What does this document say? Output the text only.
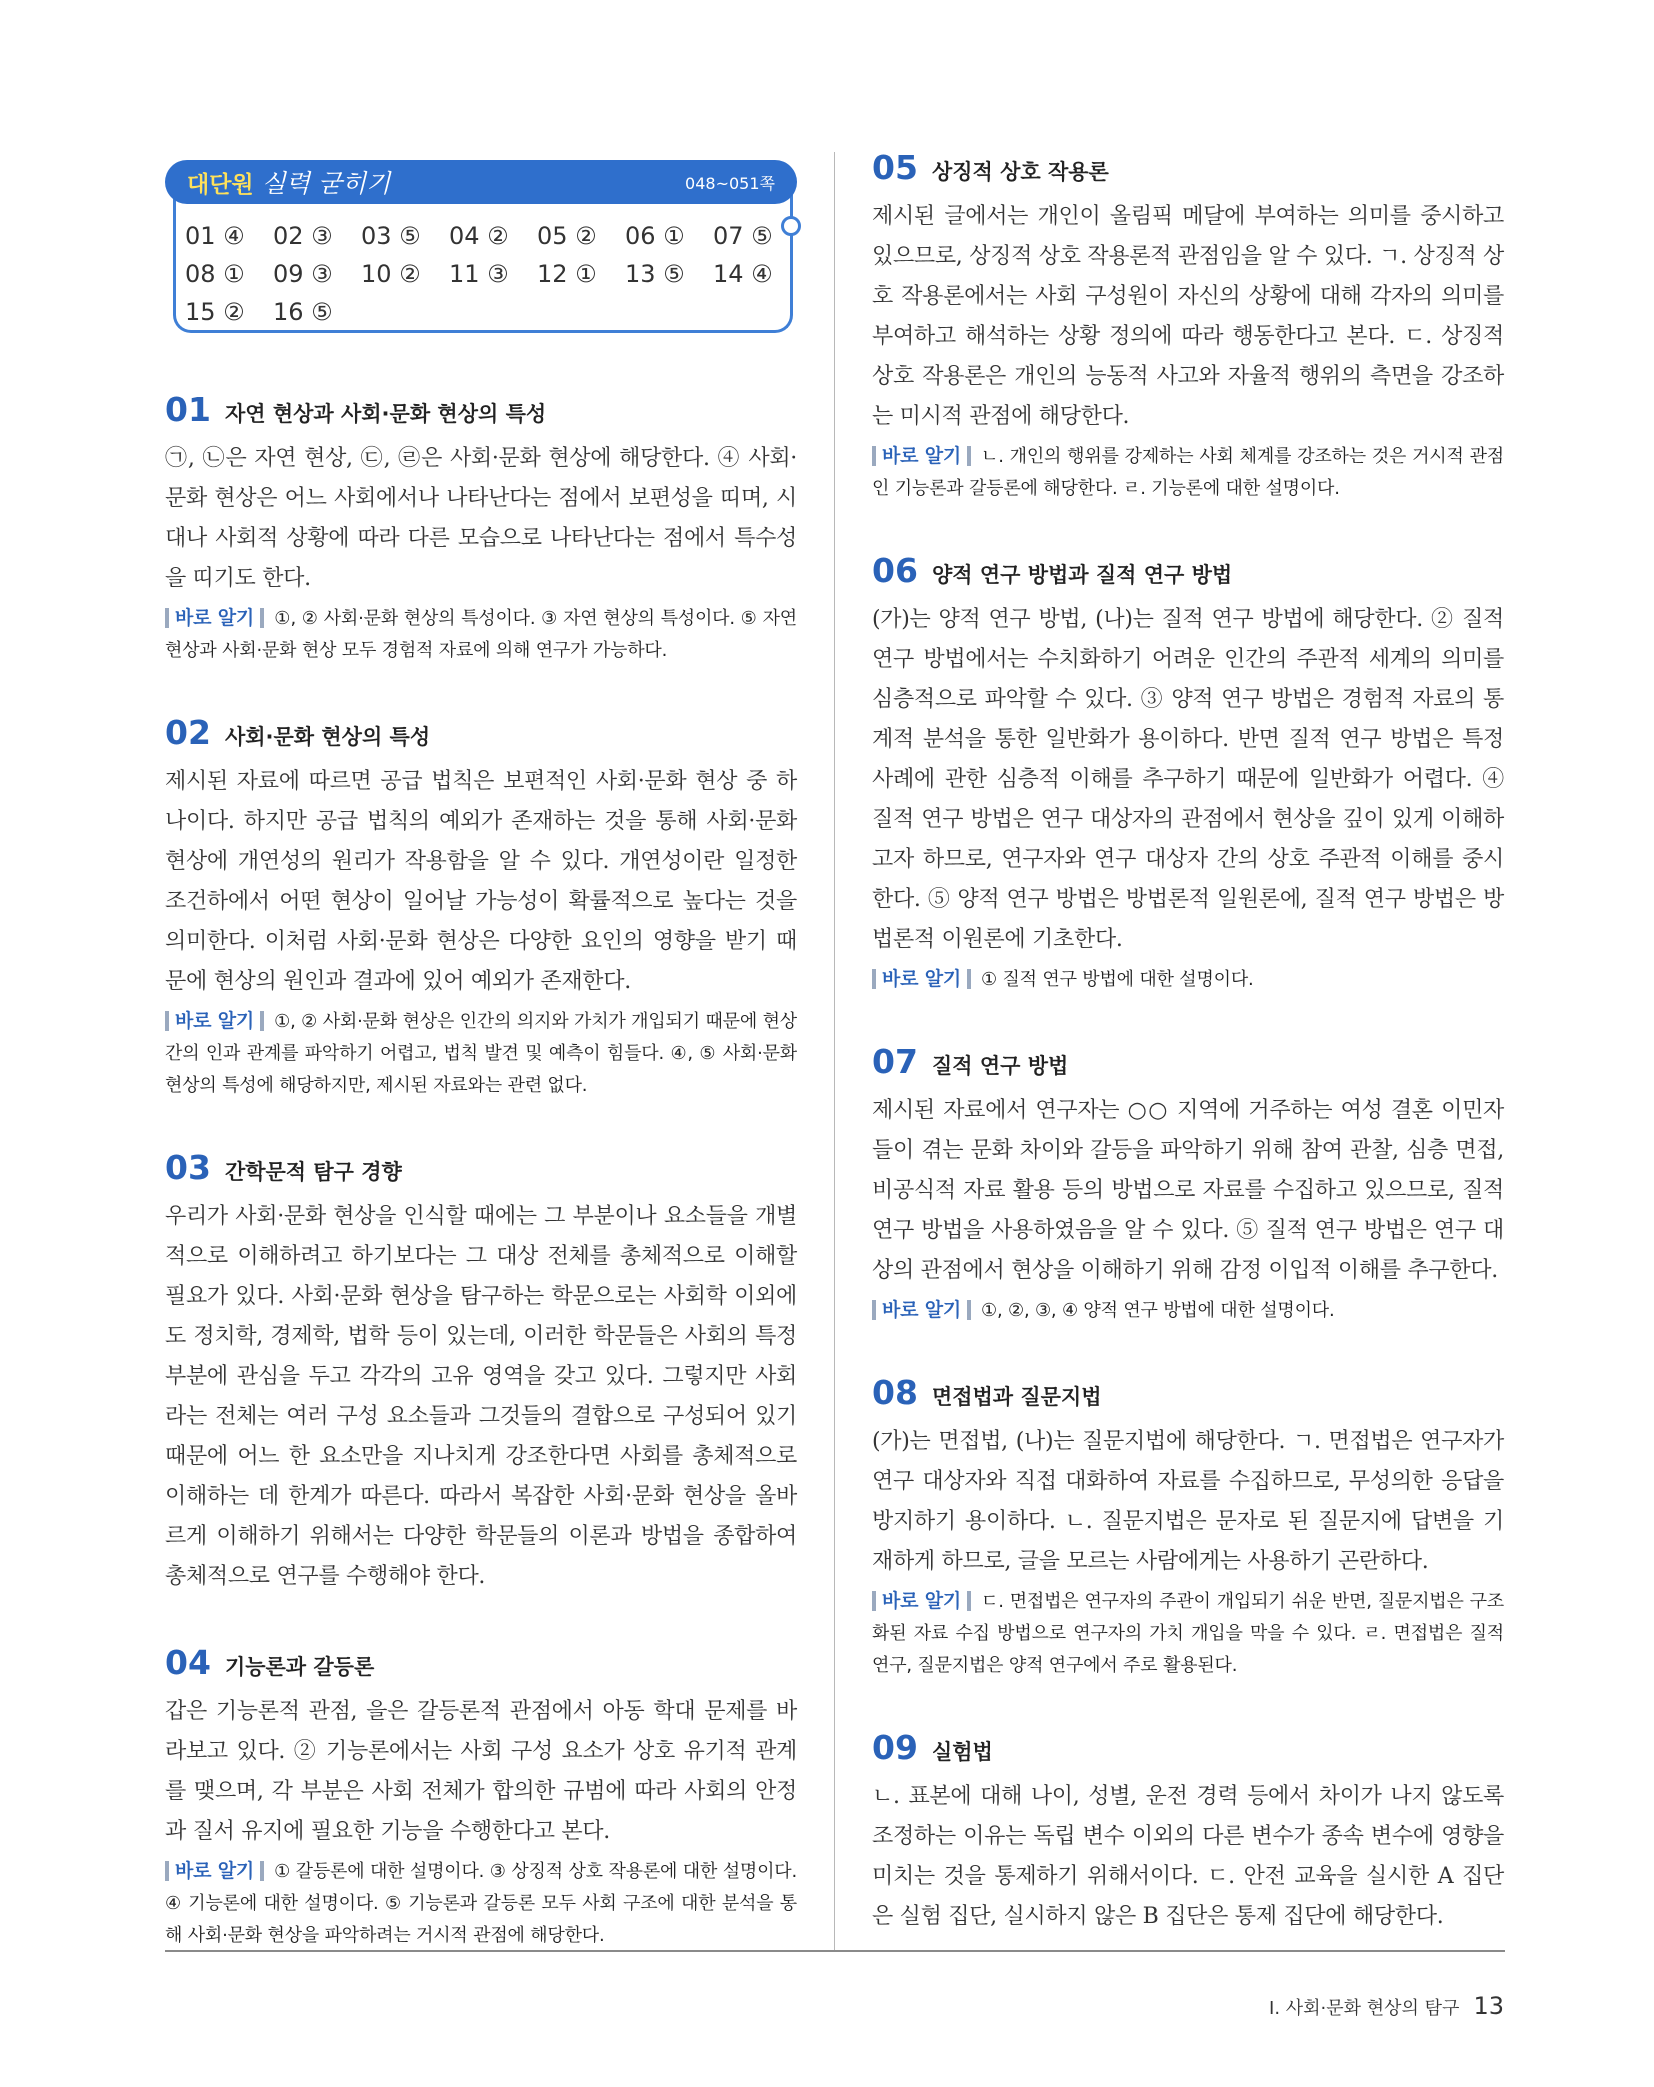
대단원 실력 굳히기	048~051쪽
01 ④	02 ③	03 ⑤	04 ②	05 ②	06 ①	07 ⑤
08 ①	09 ③	10 ②	11 ③	12 ①	13 ⑤	14 ④
15 ②	16 ⑤
01 자연 현상과 사회·문화 현상의 특성
㉠, ㉡은 자연 현상, ㉢, ㉣은 사회·문화 현상에 해당한다. ④ 사회·문화 현상은 어느 사회에서나 나타난다는 점에서 보편성을 띠며, 시대나 사회적 상황에 따라 다른 모습으로 나타난다는 점에서 특수성을 띠기도 한다.
바로 알기 ①, ② 사회·문화 현상의 특성이다. ③ 자연 현상의 특성이다. ⑤ 자연 현상과 사회·문화 현상 모두 경험적 자료에 의해 연구가 가능하다.
02 사회·문화 현상의 특성
제시된 자료에 따르면 공급 법칙은 보편적인 사회·문화 현상 중 하나이다. 하지만 공급 법칙의 예외가 존재하는 것을 통해 사회·문화 현상에 개연성의 원리가 작용함을 알 수 있다. 개연성이란 일정한 조건하에서 어떤 현상이 일어날 가능성이 확률적으로 높다는 것을 의미한다. 이처럼 사회·문화 현상은 다양한 요인의 영향을 받기 때문에 현상의 원인과 결과에 있어 예외가 존재한다.
바로 알기 ①, ② 사회·문화 현상은 인간의 의지와 가치가 개입되기 때문에 현상 간의 인과 관계를 파악하기 어렵고, 법칙 발견 및 예측이 힘들다. ④, ⑤ 사회·문화 현상의 특성에 해당하지만, 제시된 자료와는 관련 없다.
03 간학문적 탐구 경향
우리가 사회·문화 현상을 인식할 때에는 그 부분이나 요소들을 개별적으로 이해하려고 하기보다는 그 대상 전체를 총체적으로 이해할 필요가 있다. 사회·문화 현상을 탐구하는 학문으로는 사회학 이외에도 정치학, 경제학, 법학 등이 있는데, 이러한 학문들은 사회의 특정 부분에 관심을 두고 각각의 고유 영역을 갖고 있다. 그렇지만 사회라는 전체는 여러 구성 요소들과 그것들의 결합으로 구성되어 있기 때문에 어느 한 요소만을 지나치게 강조한다면 사회를 총체적으로 이해하는 데 한계가 따른다. 따라서 복잡한 사회·문화 현상을 올바르게 이해하기 위해서는 다양한 학문들의 이론과 방법을 종합하여 총체적으로 연구를 수행해야 한다.
04 기능론과 갈등론
갑은 기능론적 관점, 을은 갈등론적 관점에서 아동 학대 문제를 바라보고 있다. ② 기능론에서는 사회 구성 요소가 상호 유기적 관계를 맺으며, 각 부분은 사회 전체가 합의한 규범에 따라 사회의 안정과 질서 유지에 필요한 기능을 수행한다고 본다.
바로 알기 ① 갈등론에 대한 설명이다. ③ 상징적 상호 작용론에 대한 설명이다. ④ 기능론에 대한 설명이다. ⑤ 기능론과 갈등론 모두 사회 구조에 대한 분석을 통해 사회·문화 현상을 파악하려는 거시적 관점에 해당한다.
05 상징적 상호 작용론
제시된 글에서는 개인이 올림픽 메달에 부여하는 의미를 중시하고 있으므로, 상징적 상호 작용론적 관점임을 알 수 있다. ㄱ. 상징적 상호 작용론에서는 사회 구성원이 자신의 상황에 대해 각자의 의미를 부여하고 해석하는 상황 정의에 따라 행동한다고 본다. ㄷ. 상징적 상호 작용론은 개인의 능동적 사고와 자율적 행위의 측면을 강조하는 미시적 관점에 해당한다.
바로 알기 ㄴ. 개인의 행위를 강제하는 사회 체계를 강조하는 것은 거시적 관점인 기능론과 갈등론에 해당한다. ㄹ. 기능론에 대한 설명이다.
06 양적 연구 방법과 질적 연구 방법
(가)는 양적 연구 방법, (나)는 질적 연구 방법에 해당한다. ② 질적 연구 방법에서는 수치화하기 어려운 인간의 주관적 세계의 의미를 심층적으로 파악할 수 있다. ③ 양적 연구 방법은 경험적 자료의 통계적 분석을 통한 일반화가 용이하다. 반면 질적 연구 방법은 특정 사례에 관한 심층적 이해를 추구하기 때문에 일반화가 어렵다. ④ 질적 연구 방법은 연구 대상자의 관점에서 현상을 깊이 있게 이해하고자 하므로, 연구자와 연구 대상자 간의 상호 주관적 이해를 중시한다. ⑤ 양적 연구 방법은 방법론적 일원론에, 질적 연구 방법은 방법론적 이원론에 기초한다.
바로 알기 ① 질적 연구 방법에 대한 설명이다.
07 질적 연구 방법
제시된 자료에서 연구자는 ○○ 지역에 거주하는 여성 결혼 이민자들이 겪는 문화 차이와 갈등을 파악하기 위해 참여 관찰, 심층 면접, 비공식적 자료 활용 등의 방법으로 자료를 수집하고 있으므로, 질적 연구 방법을 사용하였음을 알 수 있다. ⑤ 질적 연구 방법은 연구 대상의 관점에서 현상을 이해하기 위해 감정 이입적 이해를 추구한다.
바로 알기 ①, ②, ③, ④ 양적 연구 방법에 대한 설명이다.
08 면접법과 질문지법
(가)는 면접법, (나)는 질문지법에 해당한다. ㄱ. 면접법은 연구자가 연구 대상자와 직접 대화하여 자료를 수집하므로, 무성의한 응답을 방지하기 용이하다. ㄴ. 질문지법은 문자로 된 질문지에 답변을 기재하게 하므로, 글을 모르는 사람에게는 사용하기 곤란하다.
바로 알기 ㄷ. 면접법은 연구자의 주관이 개입되기 쉬운 반면, 질문지법은 구조화된 자료 수집 방법으로 연구자의 가치 개입을 막을 수 있다. ㄹ. 면접법은 질적 연구, 질문지법은 양적 연구에서 주로 활용된다.
09 실험법
ㄴ. 표본에 대해 나이, 성별, 운전 경력 등에서 차이가 나지 않도록 조정하는 이유는 독립 변수 이외의 다른 변수가 종속 변수에 영향을 미치는 것을 통제하기 위해서이다. ㄷ. 안전 교육을 실시한 A 집단은 실험 집단, 실시하지 않은 B 집단은 통제 집단에 해당한다.
I. 사회·문화 현상의 탐구 13
